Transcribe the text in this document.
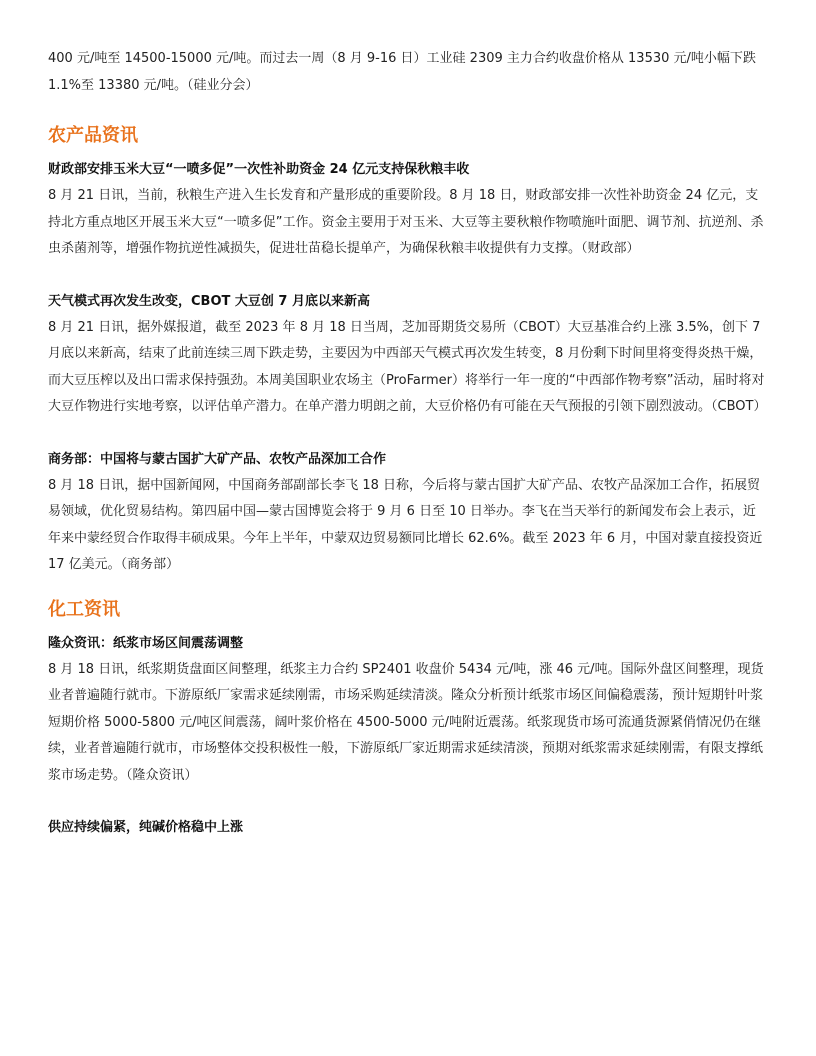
400 元/吨至 14500-15000 元/吨。而过去一周（8 月 9-16 日）工业硅 2309 主力合约收盘价格从 13530 元/吨小幅下跌 1.1%至 13380 元/吨。（硅业分会）

农产品资讯
财政部安排玉米大豆“一喷多促”一次性补助资金 24 亿元支持保秋粮丰收

8 月 21 日讯，当前，秋粮生产进入生长发育和产量形成的重要阶段。8 月 18 日，财政部安排一次性补助资金 24 亿元，支持北方重点地区开展玉米大豆“一喷多促”工作。资金主要用于对玉米、大豆等主要秋粮作物喷施叶面肥、调节剂、抗逆剂、杀虫杀菌剂等，增强作物抗逆性减损失，促进壮苗稳长提单产，为确保秋粮丰收提供有力支撑。（财政部）

天气模式再次发生改变，CBOT 大豆创 7 月底以来新高

8 月 21 日讯，据外媒报道，截至 2023 年 8 月 18 日当周，芝加哥期货交易所（CBOT）大豆基准合约上涨 3.5%，创下 7 月底以来新高，结束了此前连续三周下跌走势，主要因为中西部天气模式再次发生转变，8 月份剩下时间里将变得炎热干燥，而大豆压榨以及出口需求保持强劲。本周美国职业农场主（ProFarmer）将举行一年一度的“中西部作物考察”活动，届时将对大豆作物进行实地考察，以评估单产潜力。在单产潜力明朗之前，大豆价格仍有可能在天气预报的引领下剧烈波动。（CBOT）

商务部：中国将与蒙古国扩大矿产品、农牧产品深加工合作

8 月 18 日讯，据中国新闻网，中国商务部副部长李飞 18 日称，今后将与蒙古国扩大矿产品、农牧产品深加工合作，拓展贸易领域，优化贸易结构。第四届中国—蒙古国博览会将于 9 月 6 日至 10 日举办。李飞在当天举行的新闻发布会上表示，近年来中蒙经贸合作取得丰硕成果。今年上半年，中蒙双边贸易额同比增长 62.6%。截至 2023 年 6 月，中国对蒙直接投资近 17 亿美元。（商务部）

化工资讯
隆众资讯：纸浆市场区间震荡调整

8 月 18 日讯，纸浆期货盘面区间整理，纸浆主力合约 SP2401 收盘价 5434 元/吨，涨 46 元/吨。国际外盘区间整理，现货业者普遍随行就市。下游原纸厂家需求延续刚需，市场采购延续清淡。隆众分析预计纸浆市场区间偏稳震荡，预计短期针叶浆短期价格 5000-5800 元/吨区间震荡，阔叶浆价格在 4500-5000 元/吨附近震荡。纸浆现货市场可流通货源紧俏情况仍在继续，业者普遍随行就市，市场整体交投积极性一般，下游原纸厂家近期需求延续清淡，预期对纸浆需求延续刚需，有限支撑纸浆市场走势。（隆众资讯）

供应持续偏紧，纯碱价格稳中上涨
